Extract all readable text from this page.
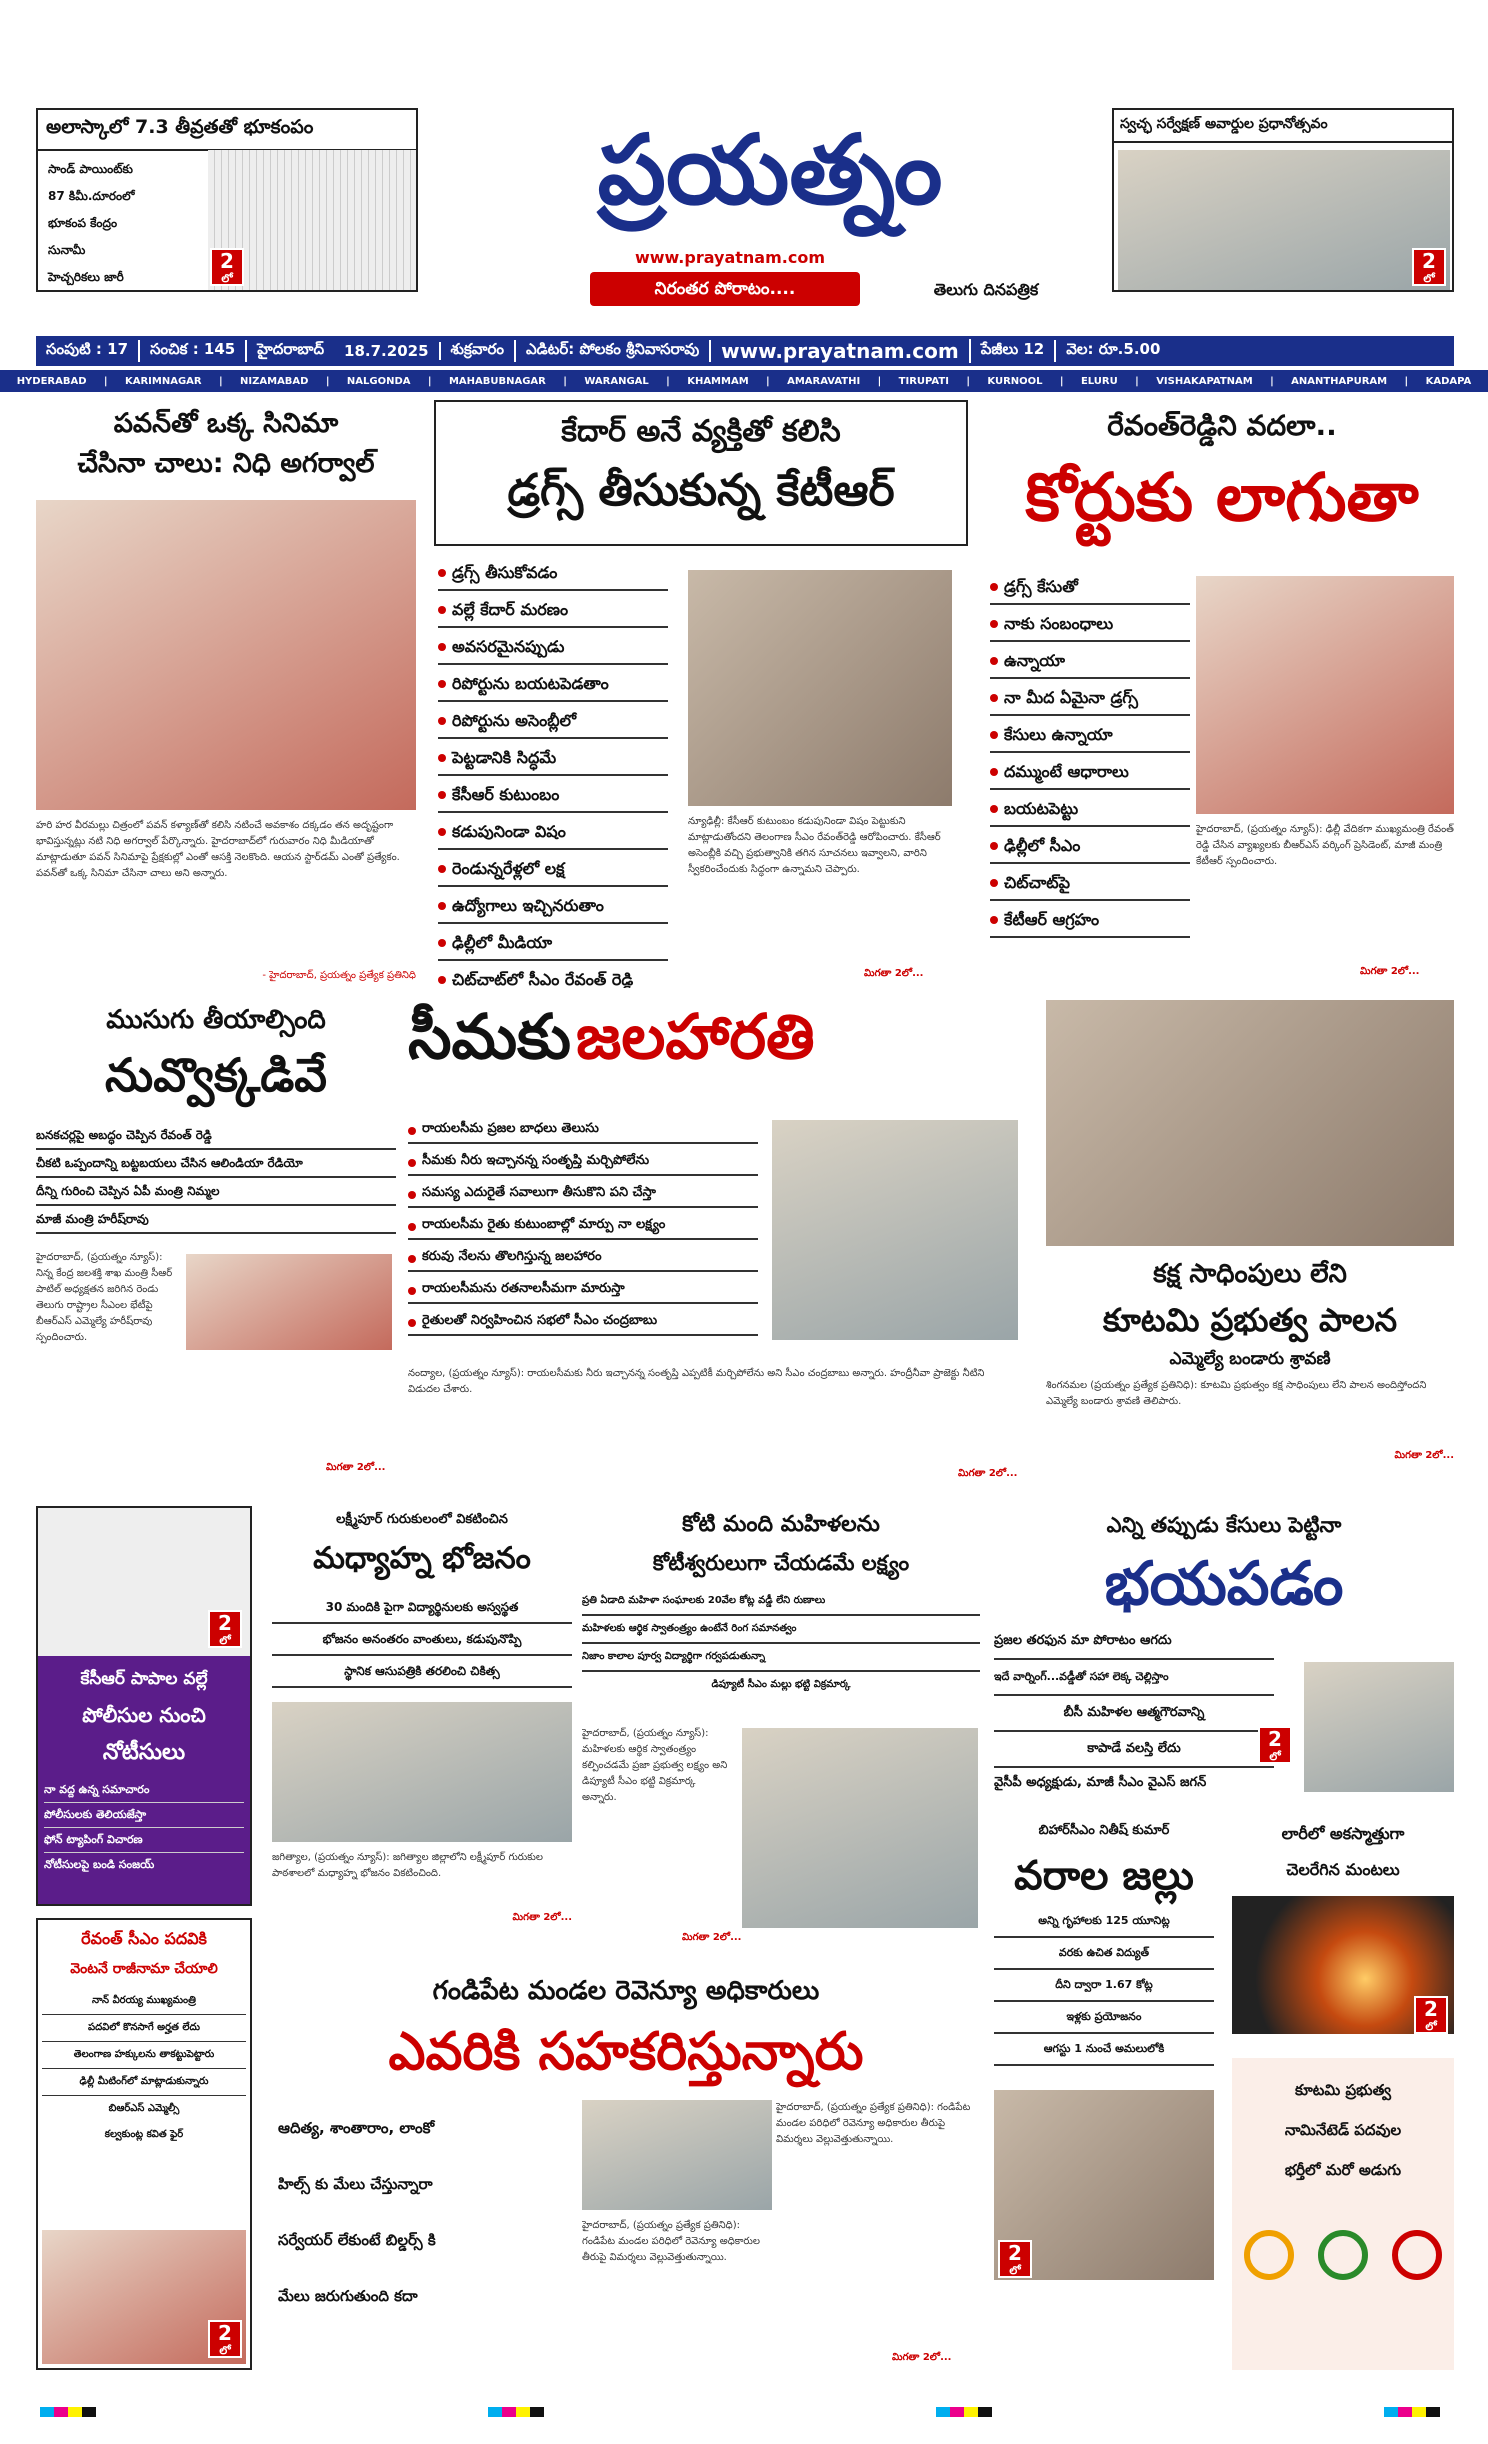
అలాస్కాలో 7.3 తీవ్రతతో భూకంపం
సాండ్ పాయింట్‌కు
87 కిమీ.దూరంలో
భూకంప కేంద్రం
సునామీ
హెచ్చరికలు జారీ
2
లో
ప్రయత్నం
www.prayatnam.com
నిరంతర పోరాటం....	తెలుగు దినపత్రిక
స్వచ్ఛ సర్వేక్షణ్ అవార్డుల ప్రధానోత్సవం
2
లో
సంపుటి : 17	సంచిక : 145	హైదరాబాద్	18.7.2025	శుక్రవారం	ఎడిటర్: పోలకం శ్రీనివాసరావు	www.prayatnam.com	పేజీలు 12	వెల: రూ.5.00
HYDERABAD | KARIMNAGAR | NIZAMABAD | NALGONDA | MAHABUBNAGAR | WARANGAL | KHAMMAM | AMARAVATHI | TIRUPATI | KURNOOL | ELURU | VISHAKAPATNAM | ANANTHAPURAM | KADAPA
పవన్‌తో ఒక్క సినిమా
చేసినా చాలు: నిధి అగర్వాల్
హరి హర వీరమల్లు చిత్రంలో పవన్ కళ్యాణ్‌తో కలిసి నటించే అవకాశం దక్కడం తన అదృష్టంగా భావిస్తున్నట్లు నటి నిధి అగర్వాల్ పేర్కొన్నారు. హైదరాబాద్‌లో గురువారం నిధి మీడియాతో మాట్లాడుతూ పవన్ సినిమాపై ప్రేక్షకుల్లో ఎంతో ఆసక్తి నెలకొంది. ఆయన స్టార్‌డమ్ ఎంతో ప్రత్యేకం. పవన్‌తో ఒక్క సినిమా చేసినా చాలు అని అన్నారు.
- హైదరాబాద్, ప్రయత్నం ప్రత్యేక ప్రతినిధి
కేదార్ అనే వ్యక్తితో కలిసి
డ్రగ్స్ తీసుకున్న కేటీఆర్
డ్రగ్స్ తీసుకోవడం
వల్లే కేదార్ మరణం
అవసరమైనప్పుడు
రిపోర్టును బయటపెడతాం
రిపోర్టును అసెంబ్లీలో
పెట్టడానికి సిద్ధమే
కేసీఆర్ కుటుంబం
కడుపునిండా విషం
రెండున్నరేళ్లలో లక్ష
ఉద్యోగాలు ఇచ్చినరుతాం
ఢిల్లీలో మీడియా
చిట్‌చాట్‌లో సీఎం రేవంత్ రెడ్డి
న్యూఢిల్లీ: కేసీఆర్ కుటుంబం కడుపునిండా విషం పెట్టుకుని మాట్లాడుతోందని తెలంగాణ సీఎం రేవంత్‌రెడ్డి ఆరోపించారు. కేసీఆర్ అసెంబ్లీకి వచ్చి ప్రభుత్వానికి తగిన సూచనలు ఇవ్వాలని, వారిని స్వీకరించేందుకు సిద్ధంగా ఉన్నామని చెప్పారు.
మిగతా 2లో...
రేవంత్‌రెడ్డిని వదలా..
కోర్టుకు లాగుతా
డ్రగ్స్ కేసుతో
నాకు సంబంధాలు
ఉన్నాయా
నా మీద ఏమైనా డ్రగ్స్
కేసులు ఉన్నాయా
దమ్ముంటే ఆధారాలు
బయటపెట్టు
ఢిల్లీలో సీఎం
చిట్‌చాట్‌పై
కేటీఆర్ ఆగ్రహం
హైదరాబాద్, (ప్రయత్నం న్యూస్): ఢిల్లీ వేదికగా ముఖ్యమంత్రి రేవంత్ రెడ్డి చేసిన వ్యాఖ్యలకు బీఆర్ఎస్ వర్కింగ్ ప్రెసిడెంట్, మాజీ మంత్రి కేటీఆర్ స్పందించారు.
మిగతా 2లో...
ముసుగు తీయాల్సింది
నువ్వొక్కడివే
బనకచర్లపై అబద్ధం చెప్పిన రేవంత్ రెడ్డి
చీకటి ఒప్పందాన్ని బట్టబయలు చేసిన ఆలిండియా రేడియో
దీన్ని గురించి చెప్పిన ఏపీ మంత్రి నిమ్మల
మాజీ మంత్రి హరీష్‌రావు
హైదరాబాద్, (ప్రయత్నం న్యూస్): నిన్న కేంద్ర జలశక్తి శాఖ మంత్రి సీఆర్ పాటిల్ అధ్యక్షతన జరిగిన రెండు తెలుగు రాష్ట్రాల సీఎంల భేటీపై బీఆర్ఎస్ ఎమ్మెల్యే హరీష్‌రావు స్పందించారు.
మిగతా 2లో...
సీమకు జలహారతి
రాయలసీమ ప్రజల బాధలు తెలుసు
సీమకు నీరు ఇచ్చానన్న సంతృప్తి మర్చిపోలేను
సమస్య ఎదురైతే సవాలుగా తీసుకొని పని చేస్తా
రాయలసీమ రైతు కుటుంబాల్లో మార్పు నా లక్ష్యం
కరువు నేలను తొలగిస్తున్న జలహారం
రాయలసీమను రతనాలసీమగా మారుస్తా
రైతులతో నిర్వహించిన సభలో సీఎం చంద్రబాబు
నంద్యాల, (ప్రయత్నం న్యూస్): రాయలసీమకు నీరు ఇచ్చానన్న సంతృప్తి ఎప్పటికీ మర్చిపోలేను అని సీఎం చంద్రబాబు అన్నారు. హంద్రీనీవా ప్రాజెక్టు నీటిని విడుదల చేశారు.
మిగతా 2లో...
కక్ష సాధింపులు లేని
కూటమి ప్రభుత్వ పాలన
ఎమ్మెల్యే బండారు శ్రావణి
శింగనమల (ప్రయత్నం ప్రత్యేక ప్రతినిధి): కూటమి ప్రభుత్వం కక్ష సాధింపులు లేని పాలన అందిస్తోందని ఎమ్మెల్యే బండారు శ్రావణి తెలిపారు.
మిగతా 2లో...
2
లో
కేసీఆర్ పాపాల వల్లే
పోలీసుల నుంచి
నోటీసులు
నా వద్ద ఉన్న సమాచారం
పోలీసులకు తెలియజేస్తా
ఫోన్ ట్యాపింగ్ విచారణ
నోటీసులపై బండి సంజయ్
లక్ష్మీపూర్ గురుకులంలో వికటించిన
మధ్యాహ్న భోజనం
30 మందికి పైగా విద్యార్థినులకు అస్వస్థత
భోజనం అనంతరం వాంతులు, కడుపునొప్పి
స్థానిక ఆసుపత్రికి తరలించి చికిత్స
జగిత్యాల, (ప్రయత్నం న్యూస్): జగిత్యాల జిల్లాలోని లక్ష్మీపూర్ గురుకుల పాఠశాలలో మధ్యాహ్న భోజనం వికటించింది.
మిగతా 2లో...
కోటి మంది మహిళలను
కోటీశ్వరులుగా చేయడమే లక్ష్యం
ప్రతి ఏడాది మహిళా సంఘాలకు 20వేల కోట్ల వడ్డీ లేని రుణాలు
మహిళలకు ఆర్థిక స్వాతంత్ర్యం ఉంటేనే రింగ సమానత్వం
నిజాం కాలాల పూర్వ విద్యార్థిగా గర్వపడుతున్నా
డిప్యూటీ సీఎం మల్లు భట్టి విక్రమార్క
హైదరాబాద్, (ప్రయత్నం న్యూస్): మహిళలకు ఆర్థిక స్వాతంత్ర్యం కల్పించడమే ప్రజా ప్రభుత్వ లక్ష్యం అని డిప్యూటీ సీఎం భట్టి విక్రమార్క అన్నారు.
మిగతా 2లో...
ఎన్ని తప్పుడు కేసులు పెట్టినా
భయపడం
ప్రజల తరఫున మా పోరాటం ఆగదు
ఇదే వార్నింగ్...వడ్డీతో సహా లెక్క చెల్లిస్తాం
బీసీ మహిళల ఆత్మగౌరవాన్ని
కాపాడే వలస్తి లేదు
వైసీపీ అధ్యక్షుడు, మాజీ సీఎం వైఎస్ జగన్
2
లో
రేవంత్ సీఎం పదవికి
వెంటనే రాజీనామా చేయాలి
నాన్ వీరయ్య ముఖ్యమంత్రి
పదవిలో కొనసాగే అర్హత లేదు
తెలంగాణ హక్కులను తాకట్టుపెట్టారు
ఢిల్లీ మీటింగ్‌లో మాట్లాడుకున్నారు
బిఆర్ఎస్ ఎమ్మెల్సీ
కల్వకుంట్ల కవిత ఫైర్
2
లో
బిహార్‌సీఎం నితీష్ కుమార్
వరాల జల్లు
అన్ని గృహాలకు 125 యూనిట్ల
వరకు ఉచిత విద్యుత్
దీని ద్వారా 1.67 కోట్ల
ఇళ్లకు ప్రయోజనం
ఆగస్టు 1 నుంచే అమలులోకి
2
లో
లారీలో అకస్మాత్తుగా
చెలరేగిన మంటలు
2
లో
కూటమి ప్రభుత్వ
నామినేటెడ్ పదవుల
భర్తీలో మరో అడుగు
గండిపేట మండల రెవెన్యూ అధికారులు
ఎవరికి సహకరిస్తున్నారు
ఆదిత్య, శాంతారాం, లాంకో
హిల్స్ కు మేలు చేస్తున్నారా
సర్వేయర్ లేకుంటే బిల్డర్స్ కి
మేలు జరుగుతుంది కదా
హైదరాబాద్, (ప్రయత్నం ప్రత్యేక ప్రతినిధి): గండిపేట మండల పరిధిలో రెవెన్యూ అధికారుల తీరుపై విమర్శలు వెల్లువెత్తుతున్నాయి.
హైదరాబాద్, (ప్రయత్నం ప్రత్యేక ప్రతినిధి): గండిపేట మండల పరిధిలో రెవెన్యూ అధికారుల తీరుపై విమర్శలు వెల్లువెత్తుతున్నాయి.
మిగతా 2లో...
